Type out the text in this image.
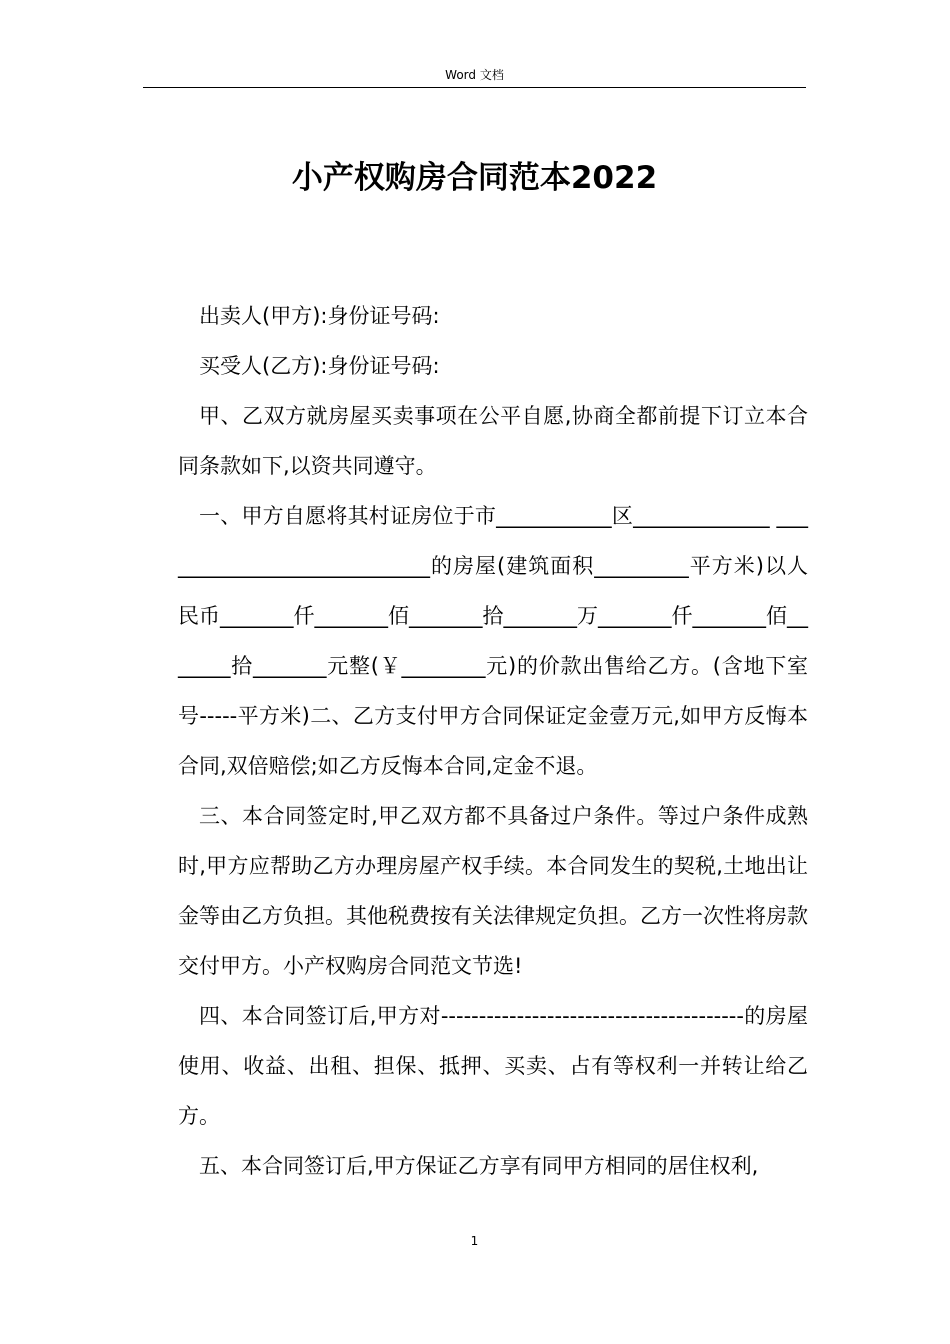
Word 文档
小产权购房合同范本2022

出卖人(甲方):身份证号码:

买受人(乙方):身份证号码:

甲、乙双方就房屋买卖事项在公平自愿,协商全都前提下订立本合同条款如下,以资共同遵守。

一、甲方自愿将其村证房位于市___________区_____________ ___________________________的房屋(建筑面积_________平方米)以人民币_______仟_______佰_______拾_______万_______仟_______佰_______拾_______元整(￥________元)的价款出售给乙方。(含地下室号-----平方米)二、乙方支付甲方合同保证定金壹万元,如甲方反悔本合同,双倍赔偿;如乙方反悔本合同,定金不退。

三、本合同签定时,甲乙双方都不具备过户条件。等过户条件成熟时,甲方应帮助乙方办理房屋产权手续。本合同发生的契税,土地出让金等由乙方负担。其他税费按有关法律规定负担。乙方一次性将房款交付甲方。小产权购房合同范文节选!

四、本合同签订后,甲方对----------------------------------------的房屋使用、收益、出租、担保、抵押、买卖、占有等权利一并转让给乙方。

五、本合同签订后,甲方保证乙方享有同甲方相同的居住权利,

1
